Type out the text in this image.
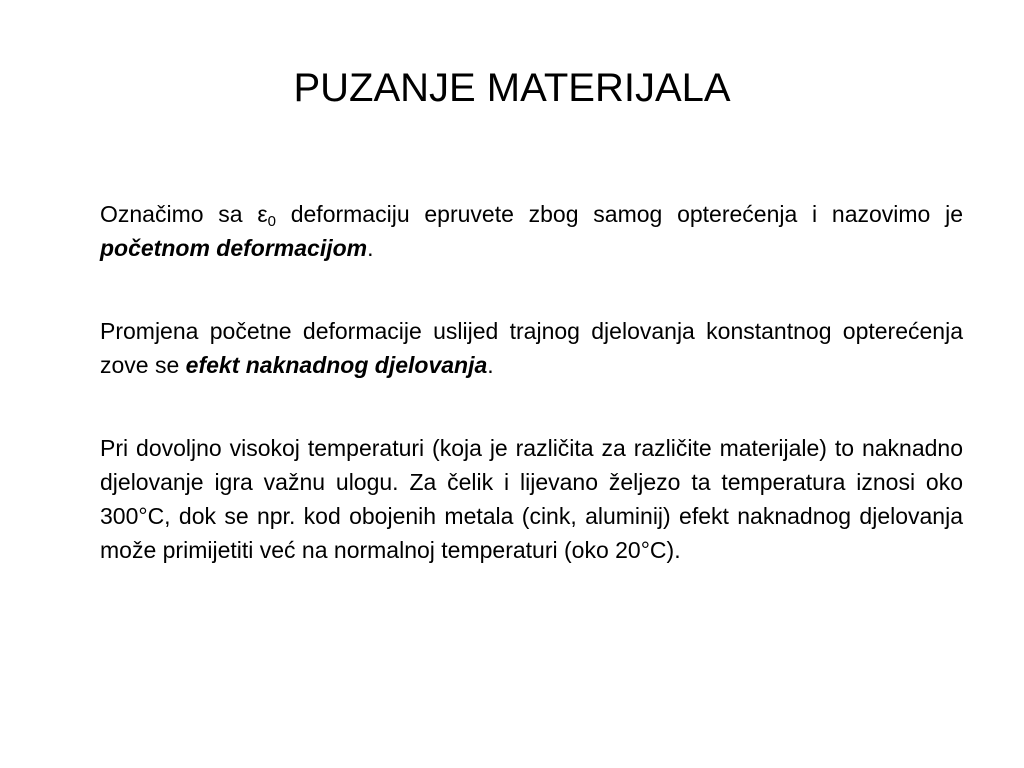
PUZANJE MATERIJALA

Označimo sa $\varepsilon_0$ deformaciju epruvete zbog samog opterećenja i nazovimo je početnom deformacijom.

Promjena početne deformacije uslijed trajnog djelovanja konstantnog opterećenja zove se efekt naknadnog djelovanja.

Pri dovoljno visokoj temperaturi (koja je različita za različite materijale) to naknadno djelovanje igra važnu ulogu. Za čelik i lijevano željezo ta temperatura iznosi oko 300°C, dok se npr. kod obojenih metala (cink, aluminij) efekt naknadnog djelovanja može primijetiti već na normalnoj temperaturi (oko 20°C).
